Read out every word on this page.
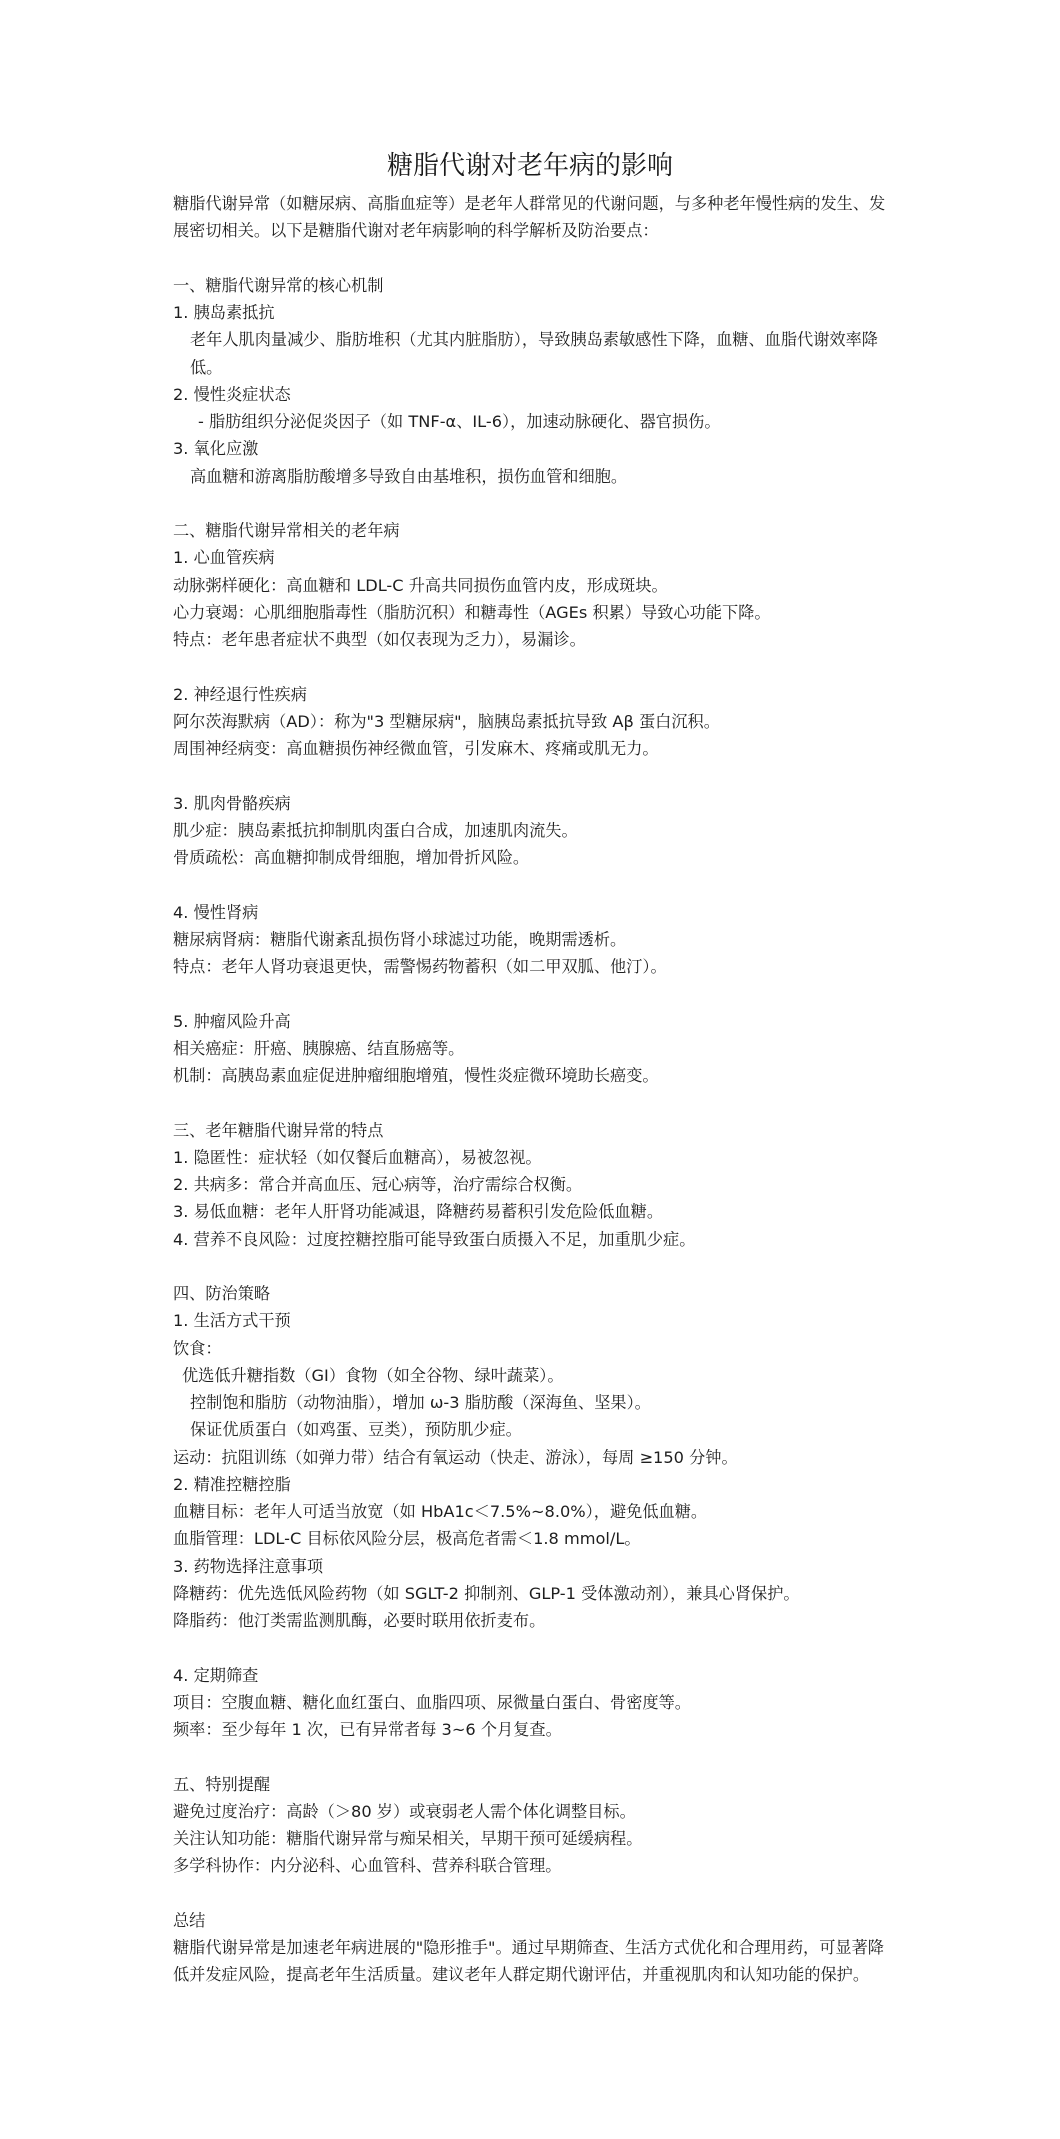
糖脂代谢对老年病的影响
糖脂代谢异常（如糖尿病、高脂血症等）是老年人群常见的代谢问题，与多种老年慢性病的发生、发展密切相关。以下是糖脂代谢对老年病影响的科学解析及防治要点：
一、糖脂代谢异常的核心机制
1. 胰岛素抵抗
老年人肌肉量减少、脂肪堆积（尤其内脏脂肪），导致胰岛素敏感性下降，血糖、血脂代谢效率降低。
2. 慢性炎症状态
- 脂肪组织分泌促炎因子（如 TNF-α、IL-6），加速动脉硬化、器官损伤。
3. 氧化应激
高血糖和游离脂肪酸增多导致自由基堆积，损伤血管和细胞。
二、糖脂代谢异常相关的老年病
1. 心血管疾病
动脉粥样硬化：高血糖和 LDL-C 升高共同损伤血管内皮，形成斑块。
心力衰竭：心肌细胞脂毒性（脂肪沉积）和糖毒性（AGEs 积累）导致心功能下降。
特点：老年患者症状不典型（如仅表现为乏力），易漏诊。
2. 神经退行性疾病
阿尔茨海默病（AD）：称为"3 型糖尿病"，脑胰岛素抵抗导致 Aβ 蛋白沉积。
周围神经病变：高血糖损伤神经微血管，引发麻木、疼痛或肌无力。
3. 肌肉骨骼疾病
肌少症：胰岛素抵抗抑制肌肉蛋白合成，加速肌肉流失。
骨质疏松：高血糖抑制成骨细胞，增加骨折风险。
4. 慢性肾病
糖尿病肾病：糖脂代谢紊乱损伤肾小球滤过功能，晚期需透析。
特点：老年人肾功衰退更快，需警惕药物蓄积（如二甲双胍、他汀）。
5. 肿瘤风险升高
相关癌症：肝癌、胰腺癌、结直肠癌等。
机制：高胰岛素血症促进肿瘤细胞增殖，慢性炎症微环境助长癌变。
三、老年糖脂代谢异常的特点
1. 隐匿性：症状轻（如仅餐后血糖高），易被忽视。
2. 共病多：常合并高血压、冠心病等，治疗需综合权衡。
3. 易低血糖：老年人肝肾功能减退，降糖药易蓄积引发危险低血糖。
4. 营养不良风险：过度控糖控脂可能导致蛋白质摄入不足，加重肌少症。
四、防治策略
1. 生活方式干预
饮食：
优选低升糖指数（GI）食物（如全谷物、绿叶蔬菜）。
控制饱和脂肪（动物油脂），增加 ω-3 脂肪酸（深海鱼、坚果）。
保证优质蛋白（如鸡蛋、豆类），预防肌少症。
运动：抗阻训练（如弹力带）结合有氧运动（快走、游泳），每周 ≥150 分钟。
2. 精准控糖控脂
血糖目标：老年人可适当放宽（如 HbA1c＜7.5%~8.0%），避免低血糖。
血脂管理：LDL-C 目标依风险分层，极高危者需＜1.8 mmol/L。
3. 药物选择注意事项
降糖药：优先选低风险药物（如 SGLT-2 抑制剂、GLP-1 受体激动剂），兼具心肾保护。
降脂药：他汀类需监测肌酶，必要时联用依折麦布。
4. 定期筛查
项目：空腹血糖、糖化血红蛋白、血脂四项、尿微量白蛋白、骨密度等。
频率：至少每年 1 次，已有异常者每 3~6 个月复查。
五、特别提醒
避免过度治疗：高龄（＞80 岁）或衰弱老人需个体化调整目标。
关注认知功能：糖脂代谢异常与痴呆相关，早期干预可延缓病程。
多学科协作：内分泌科、心血管科、营养科联合管理。
总结
糖脂代谢异常是加速老年病进展的"隐形推手"。通过早期筛查、生活方式优化和合理用药，可显著降低并发症风险，提高老年生活质量。建议老年人群定期代谢评估，并重视肌肉和认知功能的保护。
